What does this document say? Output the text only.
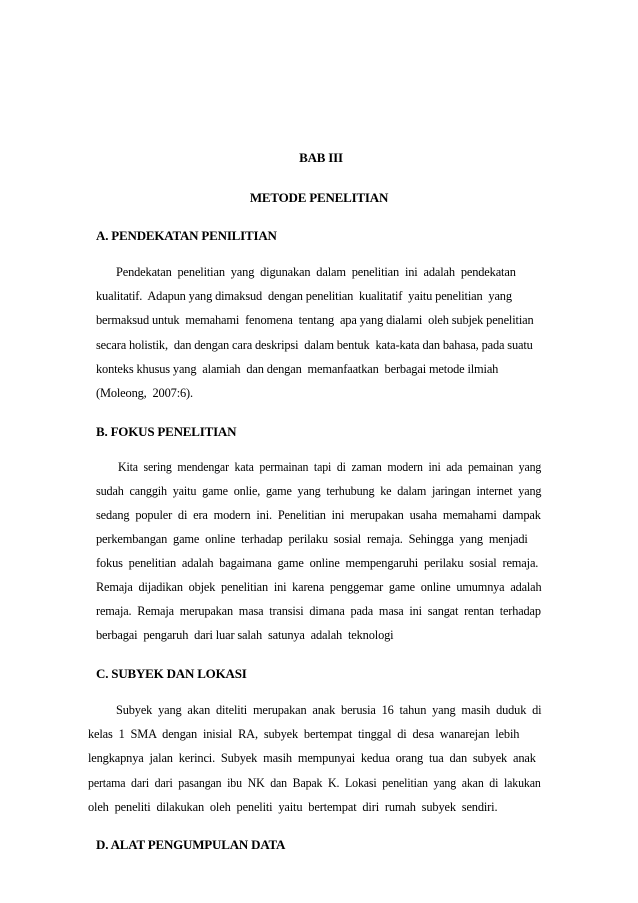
BAB III
METODE PENELITIAN
A. PENDEKATAN PENILITIAN
Pendekatan  penelitian  yang  digunakan  dalam  penelitian  ini  adalah  pendekatan
kualitatif.  Adapun yang dimaksud  dengan penelitian  kualitatif  yaitu penelitian  yang
bermaksud untuk  memahami  fenomena  tentang  apa yang dialami  oleh subjek penelitian
secara holistik,  dan dengan cara deskripsi  dalam bentuk  kata-kata dan bahasa, pada suatu
konteks khusus yang  alamiah  dan dengan  memanfaatkan  berbagai metode ilmiah
(Moleong,  2007:6).
B. FOKUS PENELITIAN
Kita  sering  mendengar  kata  permainan  tapi  di  zaman  modern  ini  ada  pemainan  yang
sudah  canggih  yaitu  game  onlie,  game  yang  terhubung  ke  dalam  jaringan  internet  yang
sedang  populer  di  era  modern  ini.  Penelitian  ini  merupakan  usaha  memahami  dampak
perkembangan  game  online  terhadap  perilaku  sosial  remaja.  Sehingga  yang  menjadi
fokus  penelitian  adalah  bagaimana  game  online  mempengaruhi  perilaku  sosial  remaja.
Remaja  dijadikan  objek  penelitian  ini  karena  penggemar  game  online  umumnya  adalah
remaja.  Remaja  merupakan  masa  transisi  dimana  pada  masa  ini  sangat  rentan  terhadap
berbagai  pengaruh  dari luar salah  satunya  adalah  teknologi
C. SUBYEK DAN LOKASI
Subyek  yang  akan  diteliti  merupakan  anak  berusia  16  tahun  yang  masih  duduk  di
kelas  1  SMA  dengan  inisial  RA,  subyek  bertempat  tinggal  di  desa  wanarejan  lebih
lengkapnya  jalan  kerinci.  Subyek  masih  mempunyai  kedua  orang  tua  dan  subyek  anak
pertama  dari  dari  pasangan  ibu  NK  dan  Bapak  K.  Lokasi  penelitian  yang  akan  di  lakukan
oleh  peneliti  dilakukan  oleh  peneliti  yaitu  bertempat  diri  rumah  subyek  sendiri.
D. ALAT PENGUMPULAN DATA
